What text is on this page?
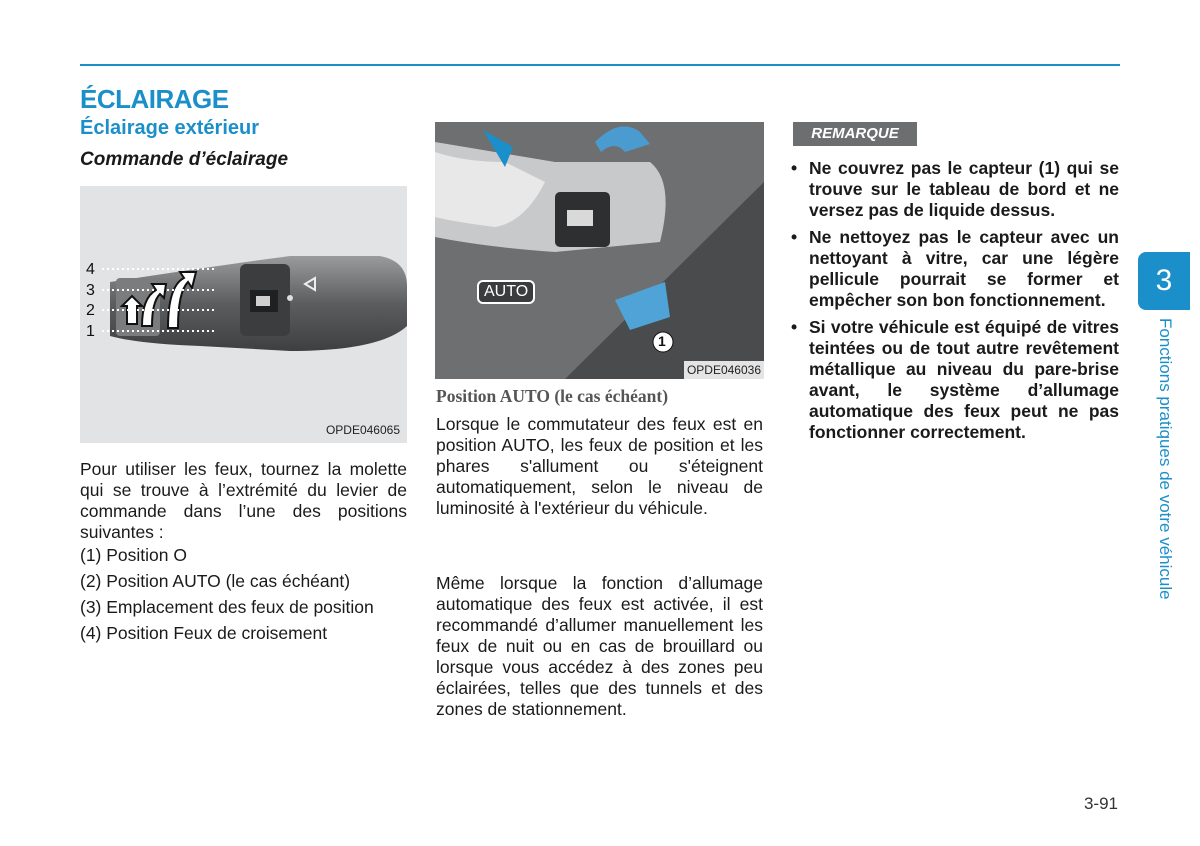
ÉCLAIRAGE
Éclairage extérieur
Commande d’éclairage
4
3
2
1
OPDE046065
AUTO
1
OPDE046036
Pour utiliser les feux, tournez la molette qui se trouve à l’extrémité du levier de commande dans l’une des positions suivantes :
(1) Position O
(2) Position AUTO (le cas échéant)
(3) Emplacement des feux de position
(4) Position Feux de croisement
Position AUTO (le cas échéant)
Lorsque le commutateur des feux est en position AUTO, les feux de position et les phares s'allument ou s'éteignent automatiquement, selon le niveau de luminosité à l'extérieur du véhicule.
Même lorsque la fonction d’allumage automatique des feux est activée, il est recommandé d’allumer manuellement les feux de nuit ou en cas de brouillard ou lorsque vous accédez à des zones peu éclairées, telles que des tunnels et des zones de stationnement.
REMARQUE
• Ne couvrez pas le capteur (1) qui se trouve sur le tableau de bord et ne versez pas de liquide dessus.
• Ne nettoyez pas le capteur avec un nettoyant à vitre, car une légère pellicule pourrait se former et empêcher son bon fonctionnement.
• Si votre véhicule est équipé de vitres teintées ou de tout autre revêtement métallique au niveau du pare-brise avant, le système d’allumage automatique des feux peut ne pas fonctionner correctement.
3
Fonctions pratiques de votre véhicule
3-91
